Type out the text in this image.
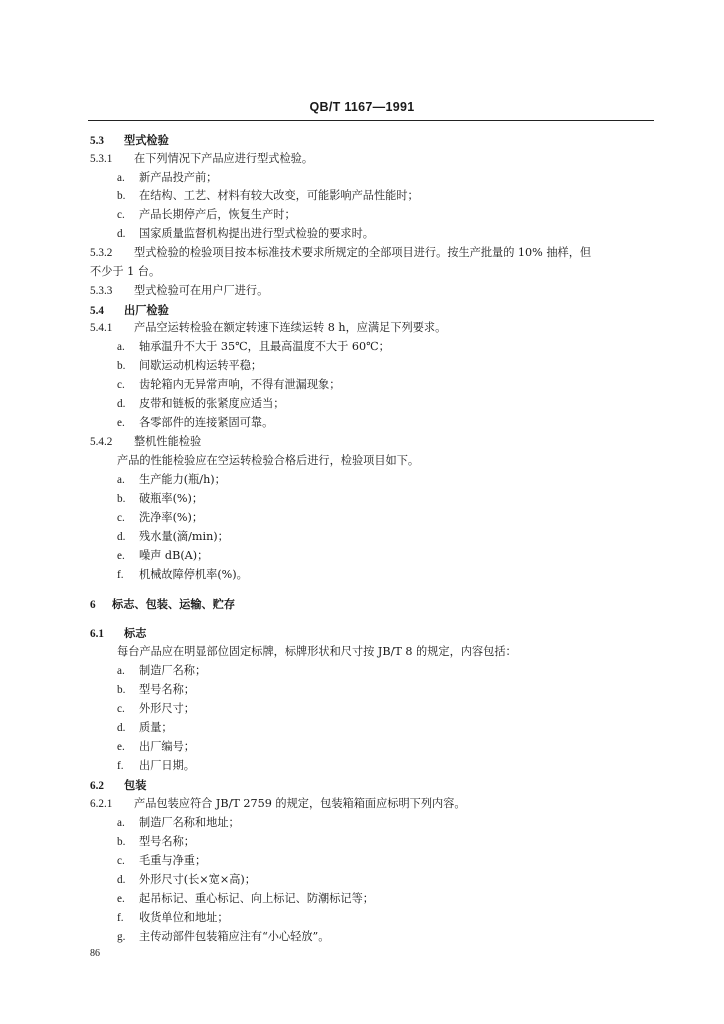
QB/T 1167—1991
5.3 型式检验
5.3.1 在下列情况下产品应进行型式检验。
a. 新产品投产前；
b. 在结构、工艺、材料有较大改变，可能影响产品性能时；
c. 产品长期停产后，恢复生产时；
d. 国家质量监督机构提出进行型式检验的要求时。
5.3.2 型式检验的检验项目按本标准技术要求所规定的全部项目进行。按生产批量的 10% 抽样，但
不少于 1 台。
5.3.3 型式检验可在用户厂进行。
5.4 出厂检验
5.4.1 产品空运转检验在额定转速下连续运转 8 h，应满足下列要求。
a. 轴承温升不大于 35℃，且最高温度不大于 60℃；
b. 间歇运动机构运转平稳；
c. 齿轮箱内无异常声响，不得有泄漏现象；
d. 皮带和链板的张紧度应适当；
e. 各零部件的连接紧固可靠。
5.4.2 整机性能检验
产品的性能检验应在空运转检验合格后进行，检验项目如下。
a. 生产能力(瓶/h)；
b. 破瓶率(%)；
c. 洗净率(%)；
d. 残水量(滴/min)；
e. 噪声 dB(A)；
f. 机械故障停机率(%)。
6 标志、包装、运输、贮存
6.1 标志
每台产品应在明显部位固定标牌，标牌形状和尺寸按 JB/T 8 的规定，内容包括：
a. 制造厂名称；
b. 型号名称；
c. 外形尺寸；
d. 质量；
e. 出厂编号；
f. 出厂日期。
6.2 包装
6.2.1 产品包装应符合 JB/T 2759 的规定，包装箱箱面应标明下列内容。
a. 制造厂名称和地址；
b. 型号名称；
c. 毛重与净重；
d. 外形尺寸(长×宽×高)；
e. 起吊标记、重心标记、向上标记、防潮标记等；
f. 收货单位和地址；
g. 主传动部件包装箱应注有“小心轻放”。
86
